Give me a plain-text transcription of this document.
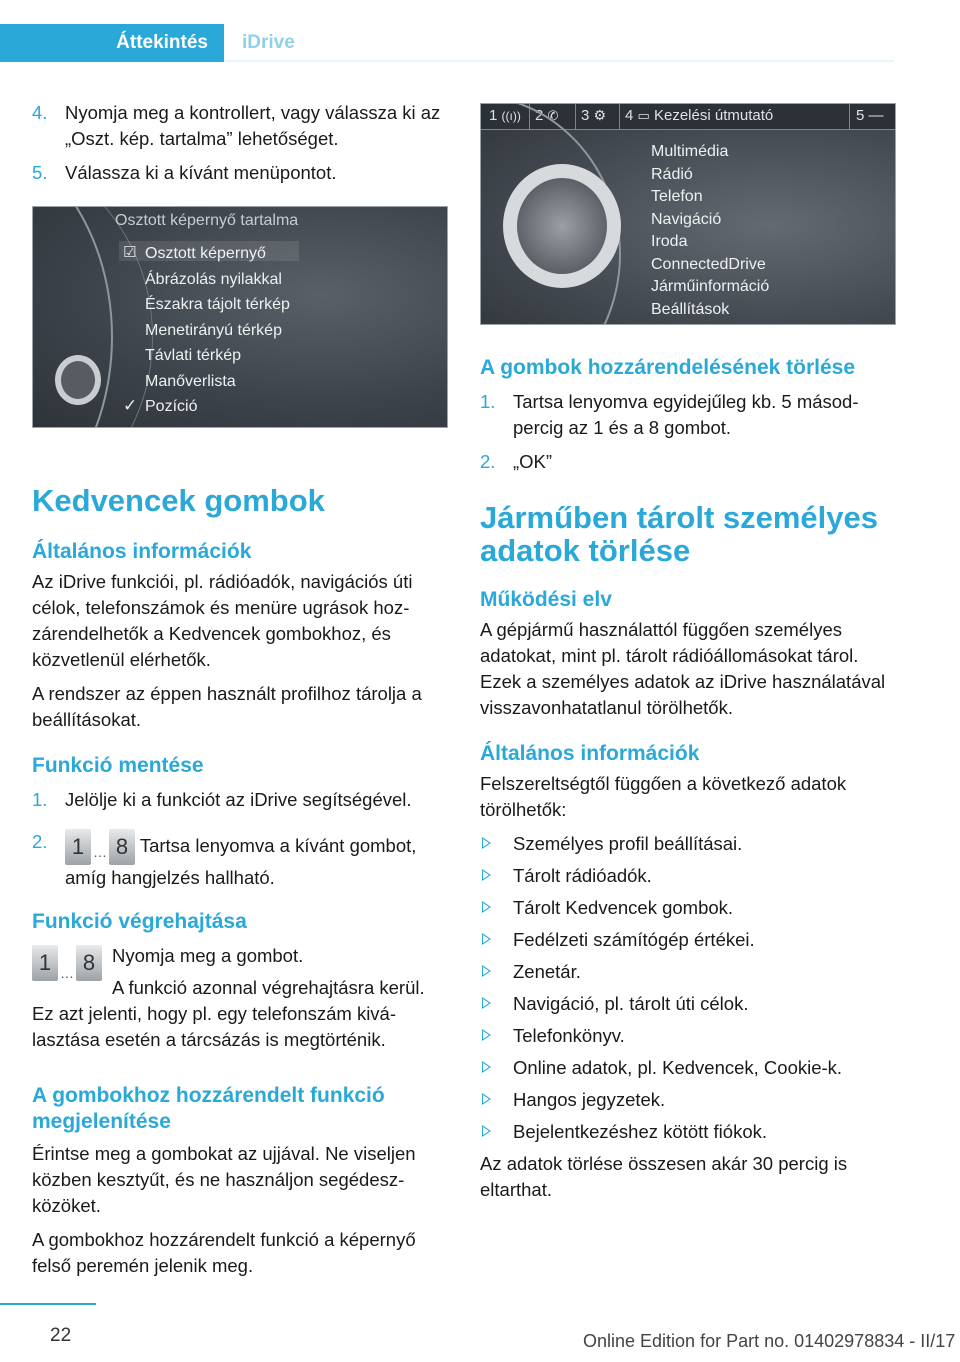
Áttekintés	iDrive
4. Nyomja meg a kontrollert, vagy válassza ki az „Oszt. kép. tartalma” lehetőséget.
5. Válassza ki a kívánt menüpontot.
Osztott képernyő tartalma
☑
✓
Osztott képernyő
Ábrázolás nyilakkal
Északra tájolt térkép
Menetirányú térkép
Távlati térkép
Manőverlista
Pozíció
Kedvencek gombok
Általános információk

Az iDrive funkciói, pl. rádióadók, navigációs úti célok, telefonszámok és menüre ugrások hozzárendelhetők a Kedvencek gombokhoz, és közvetlenül elérhetők.

A rendszer az éppen használt profilhoz tárolja a beállításokat.

Funkció mentése
1. Jelölje ki a funkciót az iDrive segítségével.
2. 1 … 8 Tartsa lenyomva a kívánt gombot, amíg hangjelzés hallható.
Funkció végrehajtása
1 … 8 Nyomja meg a gombot.

A funkció azonnal végrehajtásra kerül. Ez azt jelenti, hogy pl. egy telefonszám kiválasztása esetén a tárcsázás is megtörténik.

A gombokhoz hozzárendelt funkció megjelenítése

Érintse meg a gombokat az ujjával. Ne viseljen közben kesztyűt, és ne használjon segédeszközöket.

A gombokhoz hozzárendelt funkció a képernyő felső peremén jelenik meg.

1 ((ı)) 2 ✆ 3 ⚙ 4 ▭ Kezelési útmutató	5 —
Multimédia
Rádió
Telefon
Navigáció
Iroda
ConnectedDrive
Járműinformáció
Beállítások
A gombok hozzárendelésének törlése
1. Tartsa lenyomva egyidejűleg kb. 5 másodpercig az 1 és a 8 gombot.
2. „OK”
Járműben tárolt személyes adatok törlése
Működési elv

A gépjármű használattól függően személyes adatokat, mint pl. tárolt rádióállomásokat tárol. Ezek a személyes adatok az iDrive használatával visszavonhatatlanul törölhetők.

Általános információk

Felszereltségtől függően a következő adatok törölhetők:

Személyes profil beállításai.
Tárolt rádióadók.
Tárolt Kedvencek gombok.
Fedélzeti számítógép értékei.
Zenetár.
Navigáció, pl. tárolt úti célok.
Telefonkönyv.
Online adatok, pl. Kedvencek, Cookie-k.
Hangos jegyzetek.
Bejelentkezéshez kötött fiókok.

Az adatok törlése összesen akár 30 percig is eltarthat.

22	Online Edition for Part no. 01402978834 - II/17
